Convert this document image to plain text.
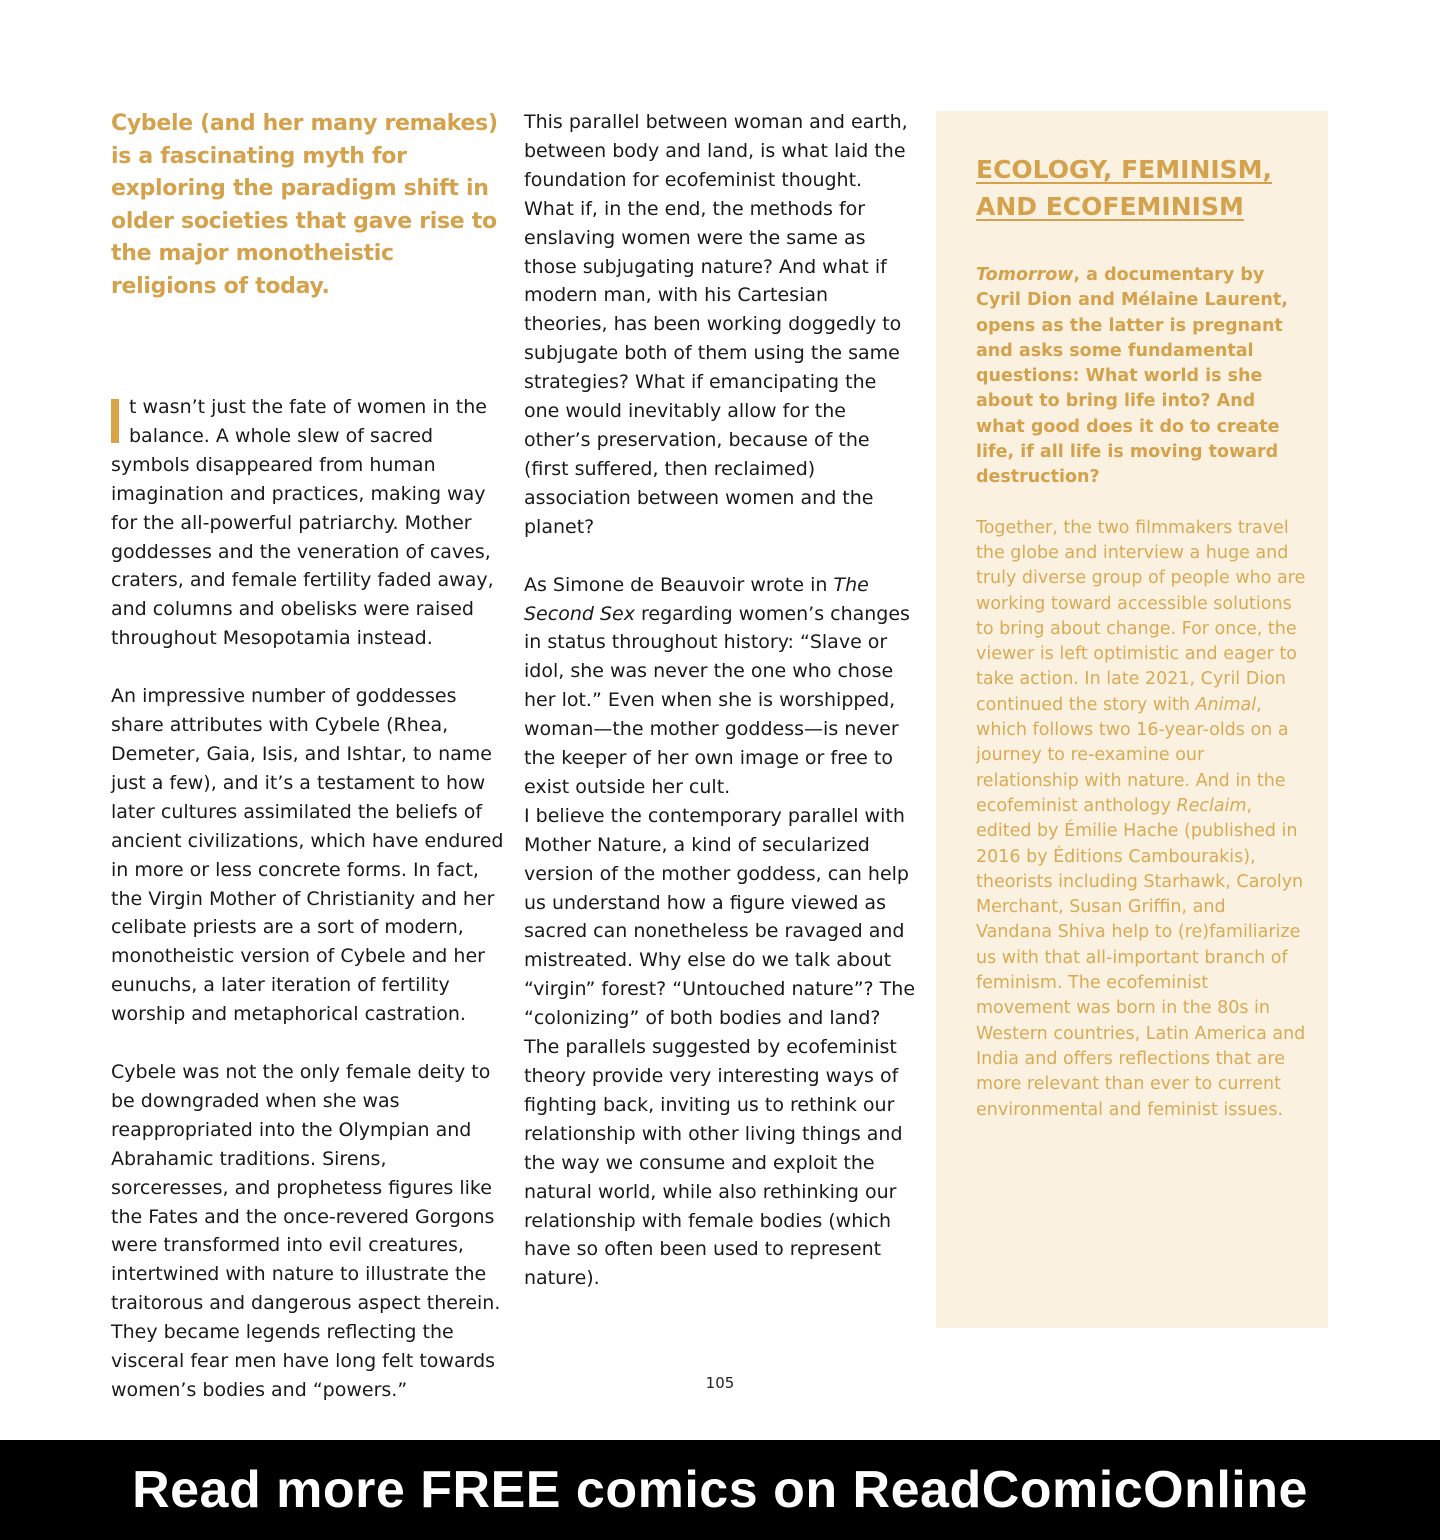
Cybele (and her many remakes) is a fascinating myth for exploring the paradigm shift in older societies that gave rise to the major monotheistic religions of today.

t wasn’t just the fate of women in the balance. A whole slew of sacred symbols disappeared from human imagination and practices, making way for the all-powerful patriarchy. Mother goddesses and the veneration of caves, craters, and female fertility faded away, and columns and obelisks were raised throughout Mesopotamia instead.

An impressive number of goddesses share attributes with Cybele (Rhea, Demeter, Gaia, Isis, and Ishtar, to name just a few), and it’s a testament to how later cultures assimilated the beliefs of ancient civilizations, which have endured in more or less concrete forms. In fact, the Virgin Mother of Christianity and her celibate priests are a sort of modern, monotheistic version of Cybele and her eunuchs, a later iteration of fertility worship and metaphorical castration.

Cybele was not the only female deity to be downgraded when she was reappropriated into the Olympian and Abrahamic traditions. Sirens, sorceresses, and prophetess figures like the Fates and the once-revered Gorgons were transformed into evil creatures, intertwined with nature to illustrate the traitorous and dangerous aspect therein. They became legends reflecting the visceral fear men have long felt towards women’s bodies and “powers.”

This parallel between woman and earth, between body and land, is what laid the foundation for ecofeminist thought. What if, in the end, the methods for enslaving women were the same as those subjugating nature? And what if modern man, with his Cartesian theories, has been working doggedly to subjugate both of them using the same strategies? What if emancipating the one would inevitably allow for the other’s preservation, because of the (first suffered, then reclaimed) association between women and the planet?

As Simone de Beauvoir wrote in The Second Sex regarding women’s changes in status throughout history: “Slave or idol, she was never the one who chose her lot.” Even when she is worshipped, woman—the mother goddess—is never the keeper of her own image or free to exist outside her cult.
I believe the contemporary parallel with Mother Nature, a kind of secularized version of the mother goddess, can help us understand how a figure viewed as sacred can nonetheless be ravaged and mistreated. Why else do we talk about “virgin” forest? “Untouched nature”? The “colonizing” of both bodies and land? The parallels suggested by ecofeminist theory provide very interesting ways of fighting back, inviting us to rethink our relationship with other living things and the way we consume and exploit the natural world, while also rethinking our relationship with female bodies (which have so often been used to represent nature).

ECOLOGY, FEMINISM,
AND ECOFEMINISM

Tomorrow, a documentary by Cyril Dion and Mélaine Laurent, opens as the latter is pregnant and asks some fundamental questions: What world is she about to bring life into? And what good does it do to create life, if all life is moving toward destruction?

Together, the two filmmakers travel the globe and interview a huge and truly diverse group of people who are working toward accessible solutions to bring about change. For once, the viewer is left optimistic and eager to take action. In late 2021, Cyril Dion continued the story with Animal, which follows two 16-year-olds on a journey to re-examine our relationship with nature. And in the ecofeminist anthology Reclaim, edited by Émilie Hache (published in 2016 by Éditions Cambourakis), theorists including Starhawk, Carolyn Merchant, Susan Griffin, and Vandana Shiva help to (re)familiarize us with that all-important branch of feminism. The ecofeminist movement was born in the 80s in Western countries, Latin America and India and offers reflections that are more relevant than ever to current environmental and feminist issues.

105
Read more FREE comics on ReadComicOnline
